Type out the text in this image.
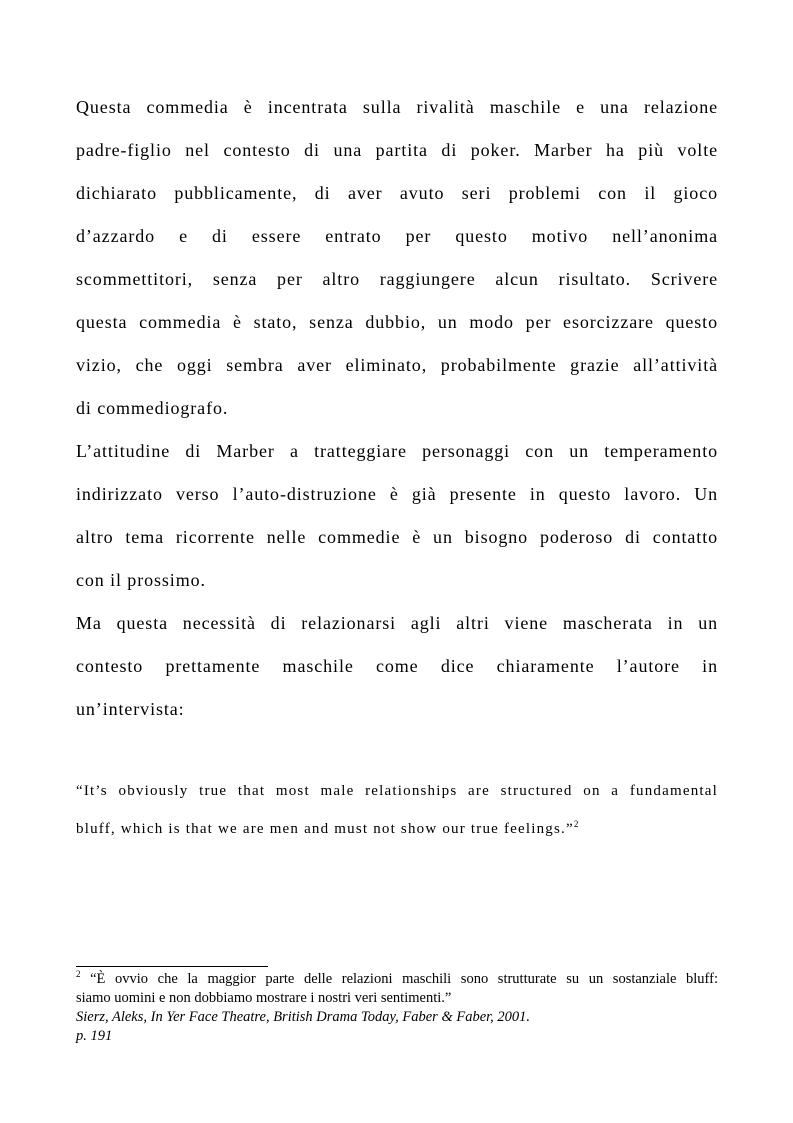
Questa commedia è incentrata sulla rivalità maschile e una relazione
padre-figlio nel contesto di una partita di poker. Marber ha più volte
dichiarato pubblicamente, di aver avuto seri problemi con il gioco
d’azzardo e di essere entrato per questo motivo nell’anonima
scommettitori, senza per altro raggiungere alcun risultato. Scrivere
questa commedia è stato, senza dubbio, un modo per esorcizzare questo
vizio, che oggi sembra aver eliminato, probabilmente grazie all’attività
di commediografo.
L’attitudine di Marber a tratteggiare personaggi con un temperamento
indirizzato verso l’auto-distruzione è già presente in questo lavoro. Un
altro tema ricorrente nelle commedie è un bisogno poderoso di contatto
con il prossimo.
Ma questa necessità di relazionarsi agli altri viene mascherata in un
contesto prettamente maschile come dice chiaramente l’autore in
un’intervista:
“It’s obviously true that most male relationships are structured on a fundamental
bluff, which is that we are men and must not show our true feelings.”$^2$
$^2$ “È ovvio che la maggior parte delle relazioni maschili sono strutturate su un sostanziale bluff:
siamo uomini e non dobbiamo mostrare i nostri veri sentimenti.”
Sierz, Aleks, In Yer Face Theatre, British Drama Today, Faber & Faber, 2001.
p. 191
